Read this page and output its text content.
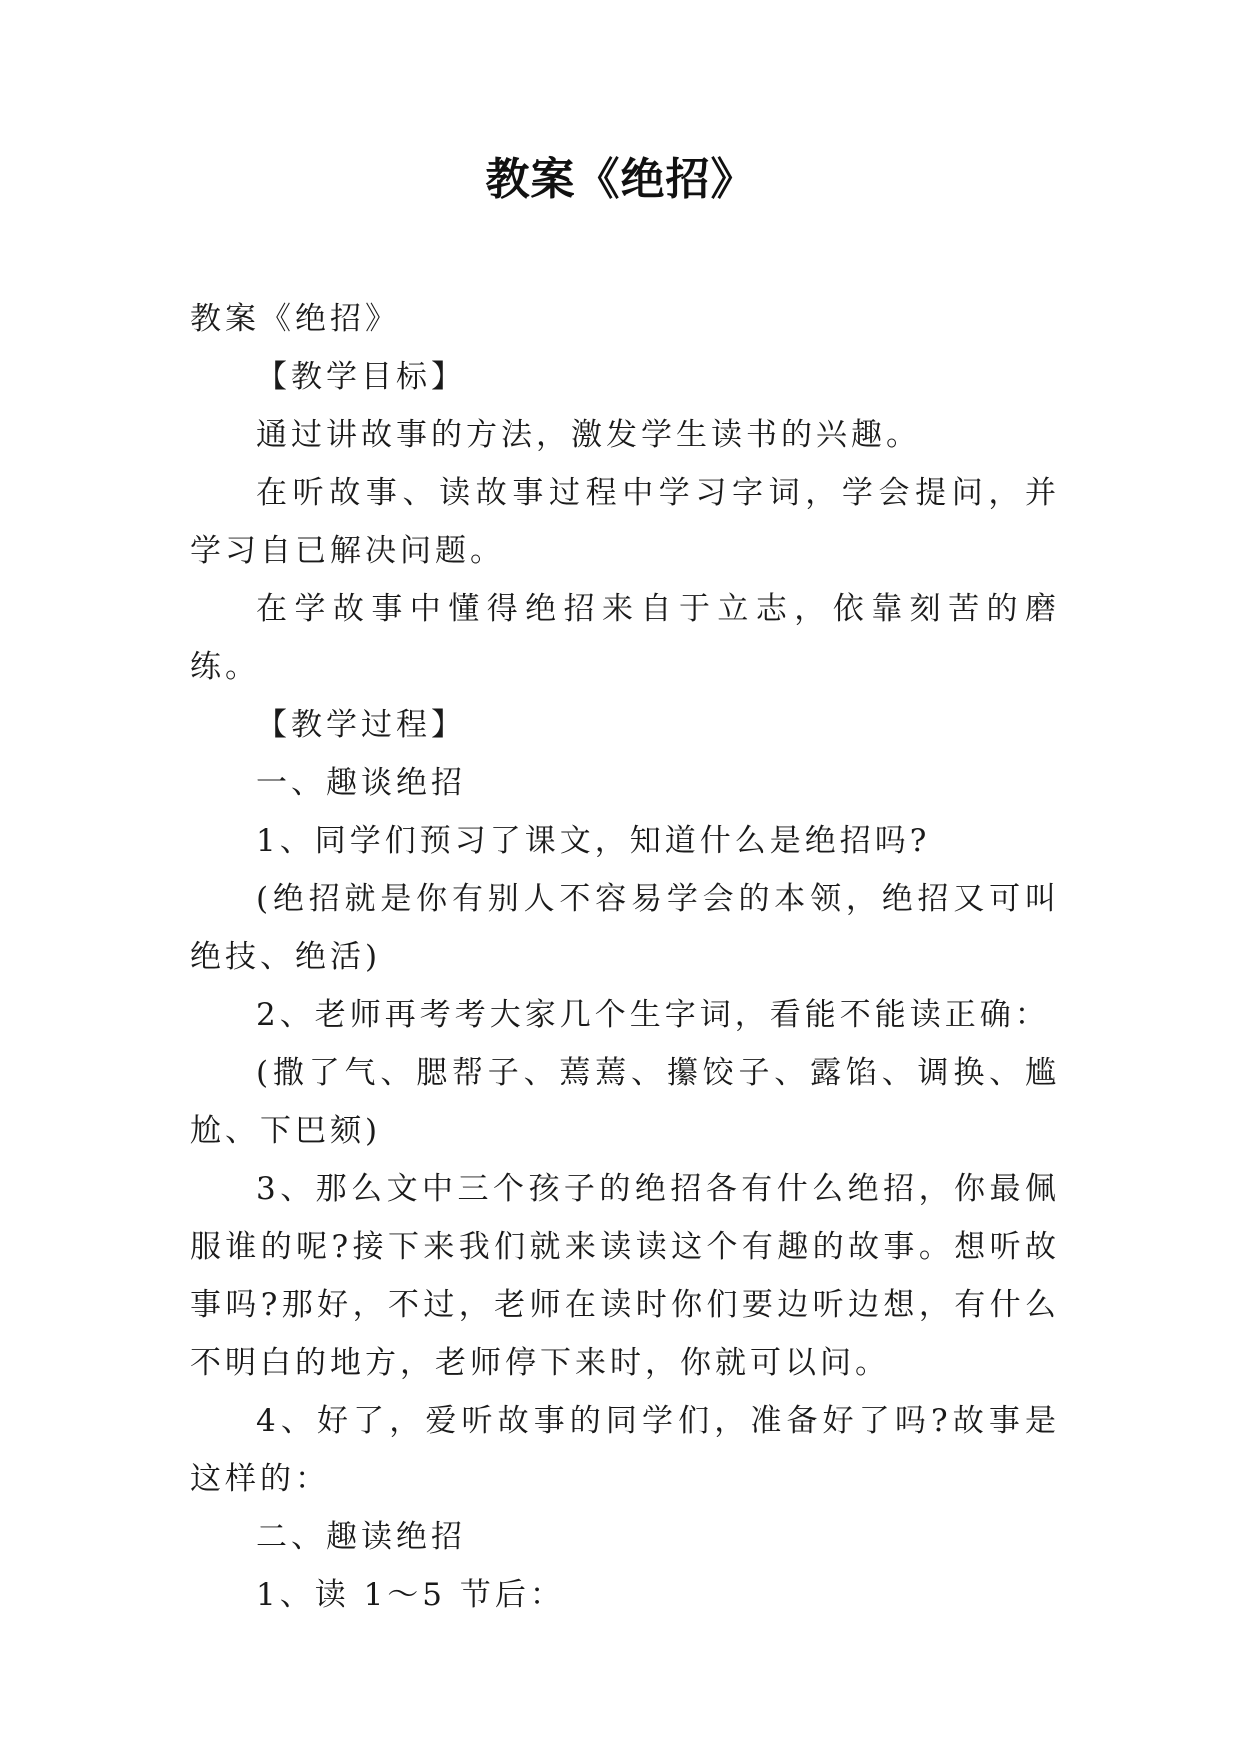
教案《绝招》

教案《绝招》

【教学目标】

通过讲故事的方法，激发学生读书的兴趣。

在听故事、读故事过程中学习字词，学会提问，并学习自已解决问题。

在学故事中懂得绝招来自于立志，依靠刻苦的磨练。

【教学过程】

一、趣谈绝招

1、同学们预习了课文，知道什么是绝招吗?

(绝招就是你有别人不容易学会的本领，绝招又可叫绝技、绝活)

2、老师再考考大家几个生字词，看能不能读正确：

(撒了气、腮帮子、蔫蔫、攥饺子、露馅、调换、尴尬、下巴颏)

3、那么文中三个孩子的绝招各有什么绝招，你最佩服谁的呢?接下来我们就来读读这个有趣的故事。想听故事吗?那好，不过，老师在读时你们要边听边想，有什么不明白的地方，老师停下来时，你就可以问。

4、好了，爱听故事的同学们，准备好了吗?故事是这样的：

二、趣读绝招

1、读 1～5 节后：
